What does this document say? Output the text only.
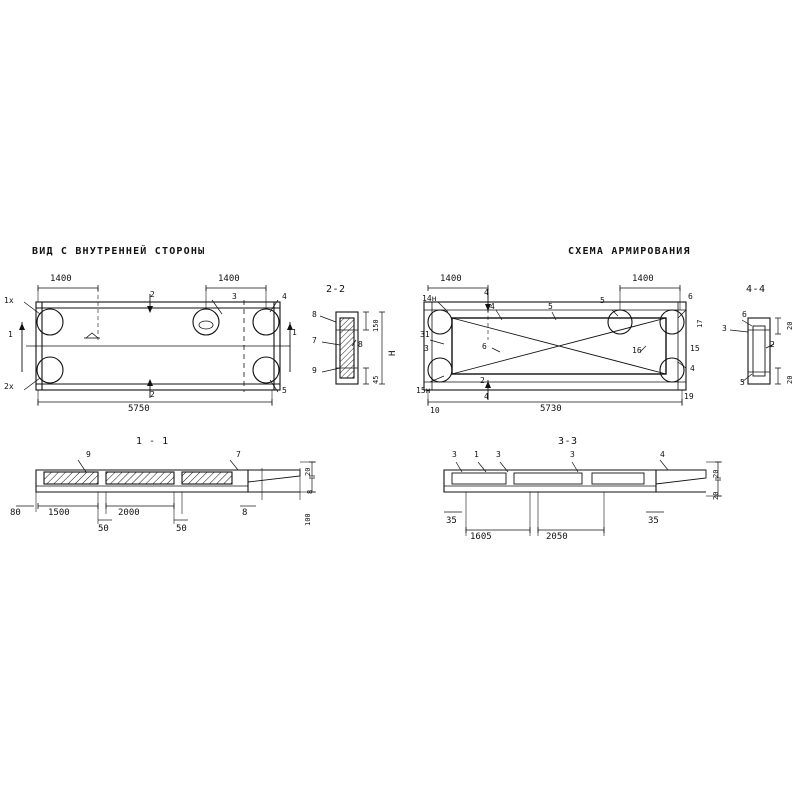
ВИД С ВНУТРЕННЕЙ СТОРОНЫ	СХЕМА АРМИРОВАНИЯ
2-2	4-4
1 - 1	3-3
1400	1400
5750
1x
1
2x
2
2
3	4
5
1
8
7
9
8
150
45
H
1400	1400
5730
14н
31
3
15н
10
4
4
4
6
2
5
5
16
6
17
15
4
19
6
3
2
5
20
20
9	7
80	1500	2000
50	50
8
20
8
100
3 1 3	3	4
35
1605	2050
35
20
20
